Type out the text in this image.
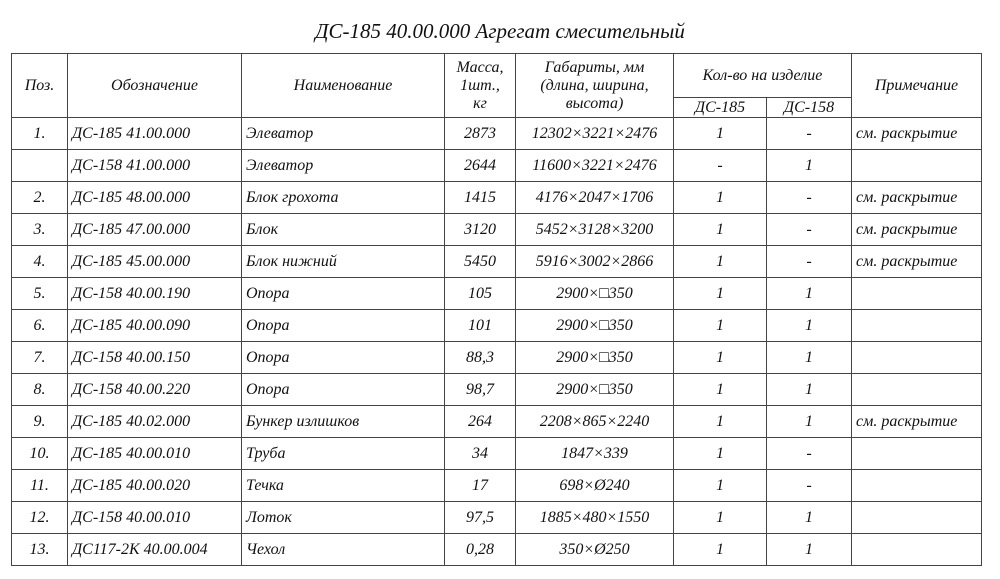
ДС-185 40.00.000 Агрегат смесительный
Поз.	Обозначение	Наименование	Масса,
1шт.,
кг	Габариты, мм
(длина, ширина,
высота)	Кол-во на изделие		Примечание
					ДС-185	ДС-158	
1.	ДС-185 41.00.000	Элеватор	2873	12302×3221×2476	1	-	см. раскрытие
	ДС-158 41.00.000	Элеватор	2644	11600×3221×2476	-	1	
2.	ДС-185 48.00.000	Блок грохота	1415	4176×2047×1706	1	-	см. раскрытие
3.	ДС-185 47.00.000	Блок	3120	5452×3128×3200	1	-	см. раскрытие
4.	ДС-185 45.00.000	Блок нижний	5450	5916×3002×2866	1	-	см. раскрытие
5.	ДС-158 40.00.190	Опора	105	2900×□350	1	1	
6.	ДС-185 40.00.090	Опора	101	2900×□350	1	1	
7.	ДС-158 40.00.150	Опора	88,3	2900×□350	1	1	
8.	ДС-158 40.00.220	Опора	98,7	2900×□350	1	1	
9.	ДС-185 40.02.000	Бункер излишков	264	2208×865×2240	1	1	см. раскрытие
10.	ДС-185 40.00.010	Труба	34	1847×339	1	-	
11.	ДС-185 40.00.020	Течка	17	698×Ø240	1	-	
12.	ДС-158 40.00.010	Лоток	97,5	1885×480×1550	1	1	
13.	ДС117-2К 40.00.004	Чехол	0,28	350×Ø250	1	1	
